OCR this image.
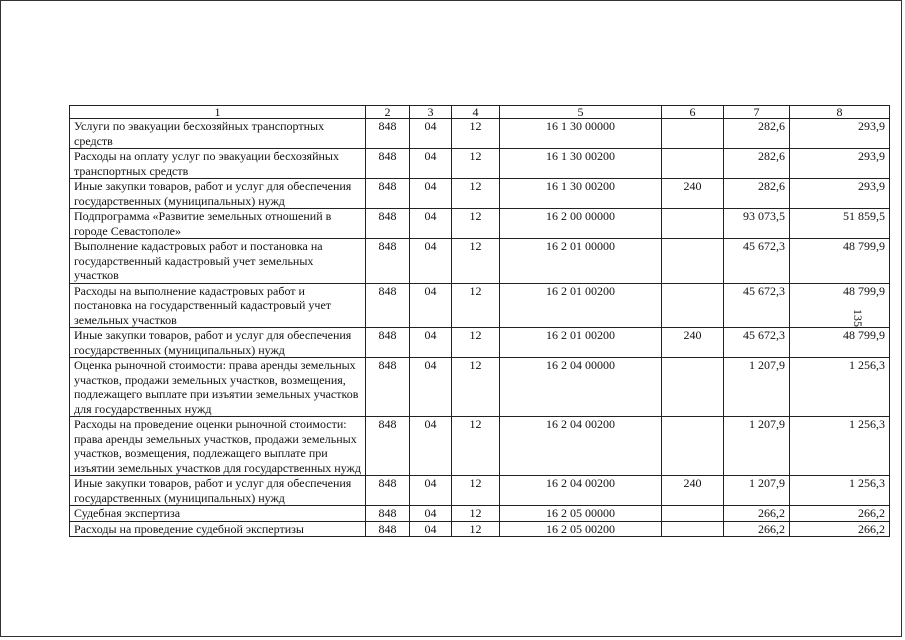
1	2	3	4	5	6	7	8
Услуги по эвакуации бесхозяйных транспортных средств	848	04	12	16 1 30 00000		282,6	293,9
Расходы на оплату услуг по эвакуации бесхозяйных транспортных средств	848	04	12	16 1 30 00200		282,6	293,9
Иные закупки товаров, работ и услуг для обеспечения государственных (муниципальных) нужд	848	04	12	16 1 30 00200	240	282,6	293,9
Подпрограмма «Развитие земельных отношений в городе Севастополе»	848	04	12	16 2 00 00000		93 073,5	51 859,5
Выполнение кадастровых работ и постановка на государственный кадастровый учет земельных участков	848	04	12	16 2 01 00000		45 672,3	48 799,9
Расходы на выполнение кадастровых работ и постановка на государственный кадастровый учет земельных участков	848	04	12	16 2 01 00200		45 672,3	48 799,9
Иные закупки товаров, работ и услуг для обеспечения государственных (муниципальных) нужд	848	04	12	16 2 01 00200	240	45 672,3	48 799,9
Оценка рыночной стоимости: права аренды земельных участков, продажи земельных участков, возмещения, подлежащего выплате при изъятии земельных участков для государственных нужд	848	04	12	16 2 04 00000		1 207,9	1 256,3
Расходы на проведение оценки рыночной стоимости: права аренды земельных участков, продажи земельных участков, возмещения, подлежащего выплате при изъятии земельных участков для государственных нужд	848	04	12	16 2 04 00200		1 207,9	1 256,3
Иные закупки товаров, работ и услуг для обеспечения государственных (муниципальных) нужд	848	04	12	16 2 04 00200	240	1 207,9	1 256,3
Судебная экспертиза	848	04	12	16 2 05 00000		266,2	266,2
Расходы на проведение судебной экспертизы	848	04	12	16 2 05 00200		266,2	266,2
135
